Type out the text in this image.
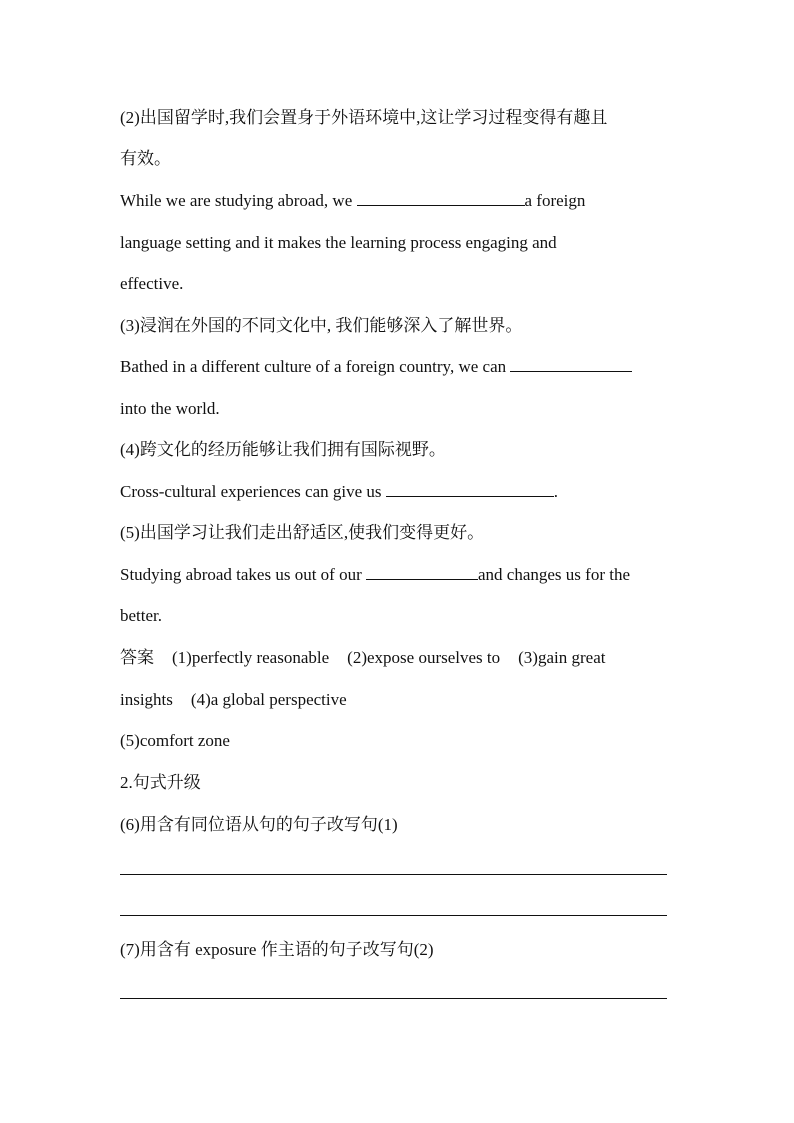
(2)出国留学时,我们会置身于外语环境中,这让学习过程变得有趣且
有效。
While we are studying abroad, we	a foreign
language setting and it makes the learning process engaging and
effective.
(3)浸润在外国的不同文化中, 我们能够深入了解世界。
Bathed in a different culture of a foreign country, we can
into the world.
(4)跨文化的经历能够让我们拥有国际视野。
Cross-cultural experiences can give us	.
(5)出国学习让我们走出舒适区,使我们变得更好。
Studying abroad takes us out of our	and changes us for the
better.
答案 (1)perfectly reasonable (2)expose ourselves to (3)gain great
insights (4)a global perspective
(5)comfort zone
2.句式升级
(6)用含有同位语从句的句子改写句(1)
(7)用含有 exposure 作主语的句子改写句(2)
